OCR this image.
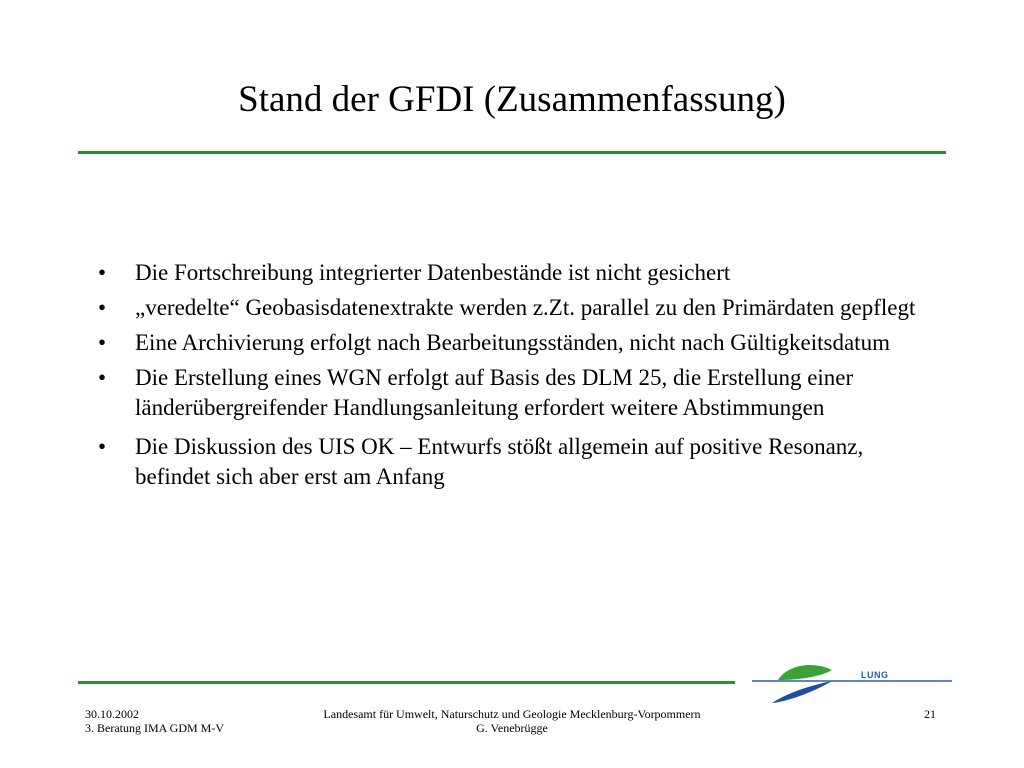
Stand der GFDI (Zusammenfassung)
• Die Fortschreibung integrierter Datenbestände ist nicht gesichert
• „veredelte“ Geobasisdatenextrakte werden z.Zt. parallel zu den Primärdaten gepflegt
• Eine Archivierung erfolgt nach Bearbeitungsständen, nicht nach Gültigkeitsdatum
• Die Erstellung eines WGN erfolgt auf Basis des DLM 25, die Erstellung einer länderübergreifender Handlungsanleitung erfordert weitere Abstimmungen
• Die Diskussion des UIS OK – Entwurfs stößt allgemein auf positive Resonanz, befindet sich aber erst am Anfang
LUNG
30.10.2002
3. Beratung IMA GDM M-V
Landesamt für Umwelt, Naturschutz und Geologie Mecklenburg-Vorpommern
G. Venebrügge
21
